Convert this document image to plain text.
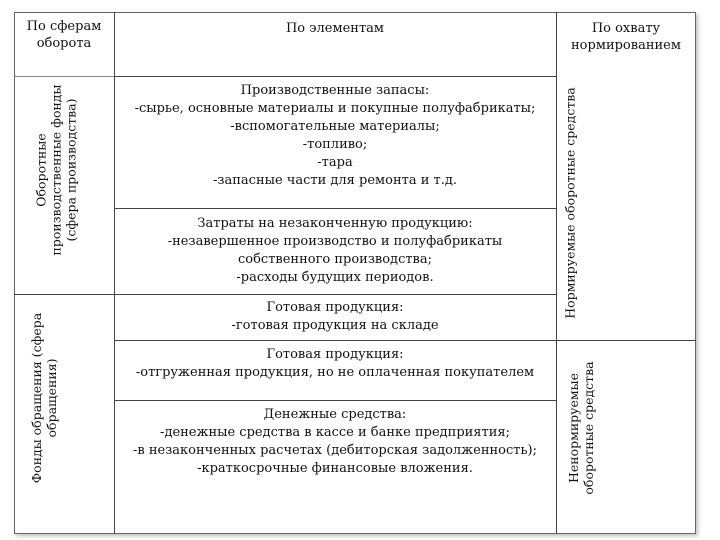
По сферам
оборота
По элементам	По охвату
нормированием
Оборотные производственные фонды (сфера производства)
Фонды обращения (сфера обращения)
Нормируемые оборотные средства
Ненормируемые оборотные средства
Производственные запасы:
-сырье, основные материалы и покупные полуфабрикаты;
-вспомогательные материалы;
-топливо;
-тара
-запасные части для ремонта и т.д.
Затраты на незаконченную продукцию:
-незавершенное производство и полуфабрикаты
собственного производства;
-расходы будущих периодов.
Готовая продукция:
-готовая продукция на складе
Готовая продукция:
-отгруженная продукция, но не оплаченная покупателем
Денежные средства:
-денежные средства в кассе и банке предприятия;
-в незаконченных расчетах (дебиторская задолженность);
-краткосрочные финансовые вложения.
